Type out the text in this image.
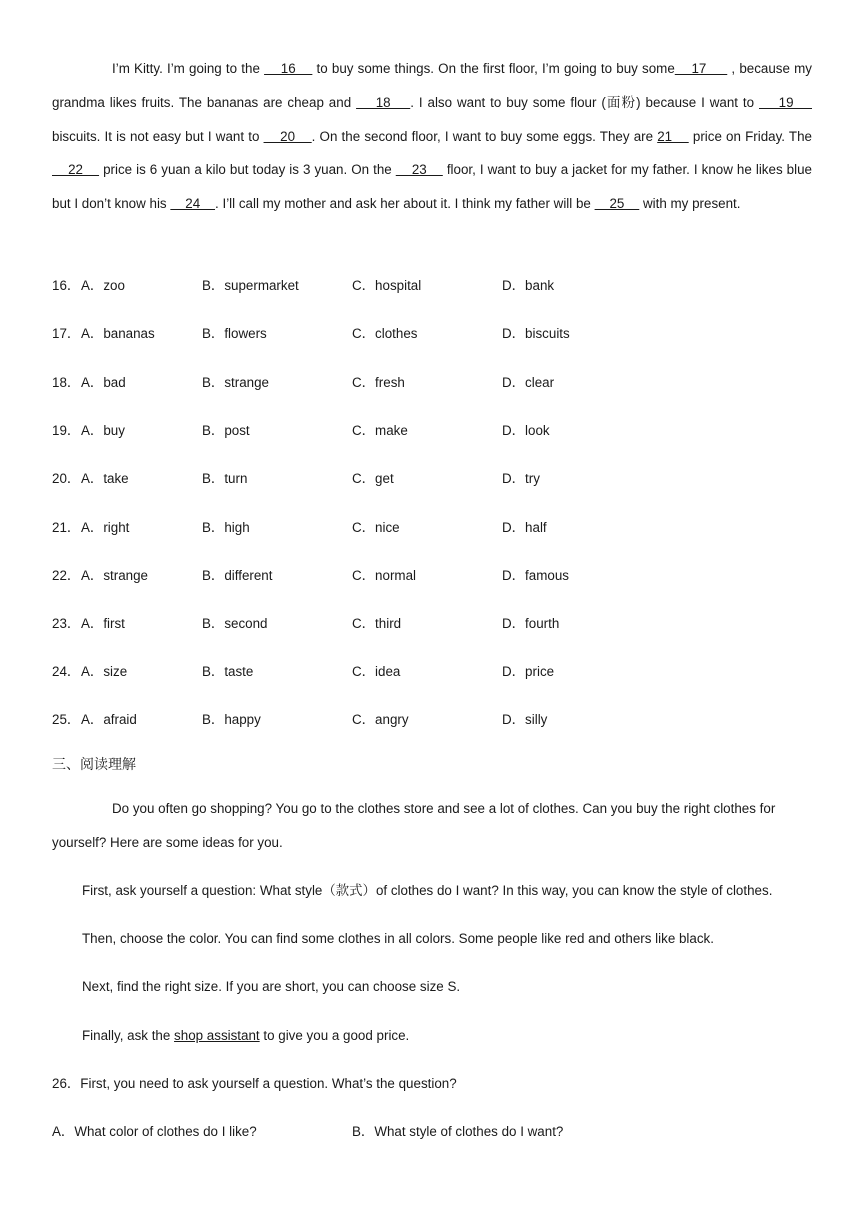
I’m Kitty. I’m going to the     16     to buy some things. On the first floor, I’m going to buy some    17      , because my grandma likes fruits. The bananas are cheap and     18    . I also want to buy some flour (面粉) because I want to     19     biscuits. It is not easy but I want to     20    . On the second floor, I want to buy some eggs. They are 21     price on Friday. The     22     price is 6 yuan a kilo but today is 3 yuan. On the     23     floor, I want to buy a jacket for my father. I know he likes blue but I don’t know his     24    . I’ll call my mother and ask her about it. I think my father will be     25     with my present.
16． A．zoo	B．supermarket	C．hospital	D．bank
17． A．bananas	B．flowers	C．clothes	D．biscuits
18． A．bad	B．strange	C．fresh	D．clear
19． A．buy	B．post	C．make	D．look
20． A．take	B．turn	C．get	D．try
21． A．right	B．high	C．nice	D．half
22． A．strange	B．different	C．normal	D．famous
23． A．first	B．second	C．third	D．fourth
24． A．size	B．taste	C．idea	D．price
25． A．afraid	B．happy	C．angry	D．silly
三、阅读理解
Do you often go shopping? You go to the clothes store and see a lot of clothes. Can you buy the right clothes for yourself? Here are some ideas for you.
First, ask yourself a question: What style（款式）of clothes do I want? In this way, you can know the style of clothes.
Then, choose the color. You can find some clothes in all colors. Some people like red and others like black.
Next, find the right size. If you are short, you can choose size S.
Finally, ask the shop assistant to give you a good price.
26．First, you need to ask yourself a question. What’s the question?
A．What color of clothes do I like?	B．What style of clothes do I want?
